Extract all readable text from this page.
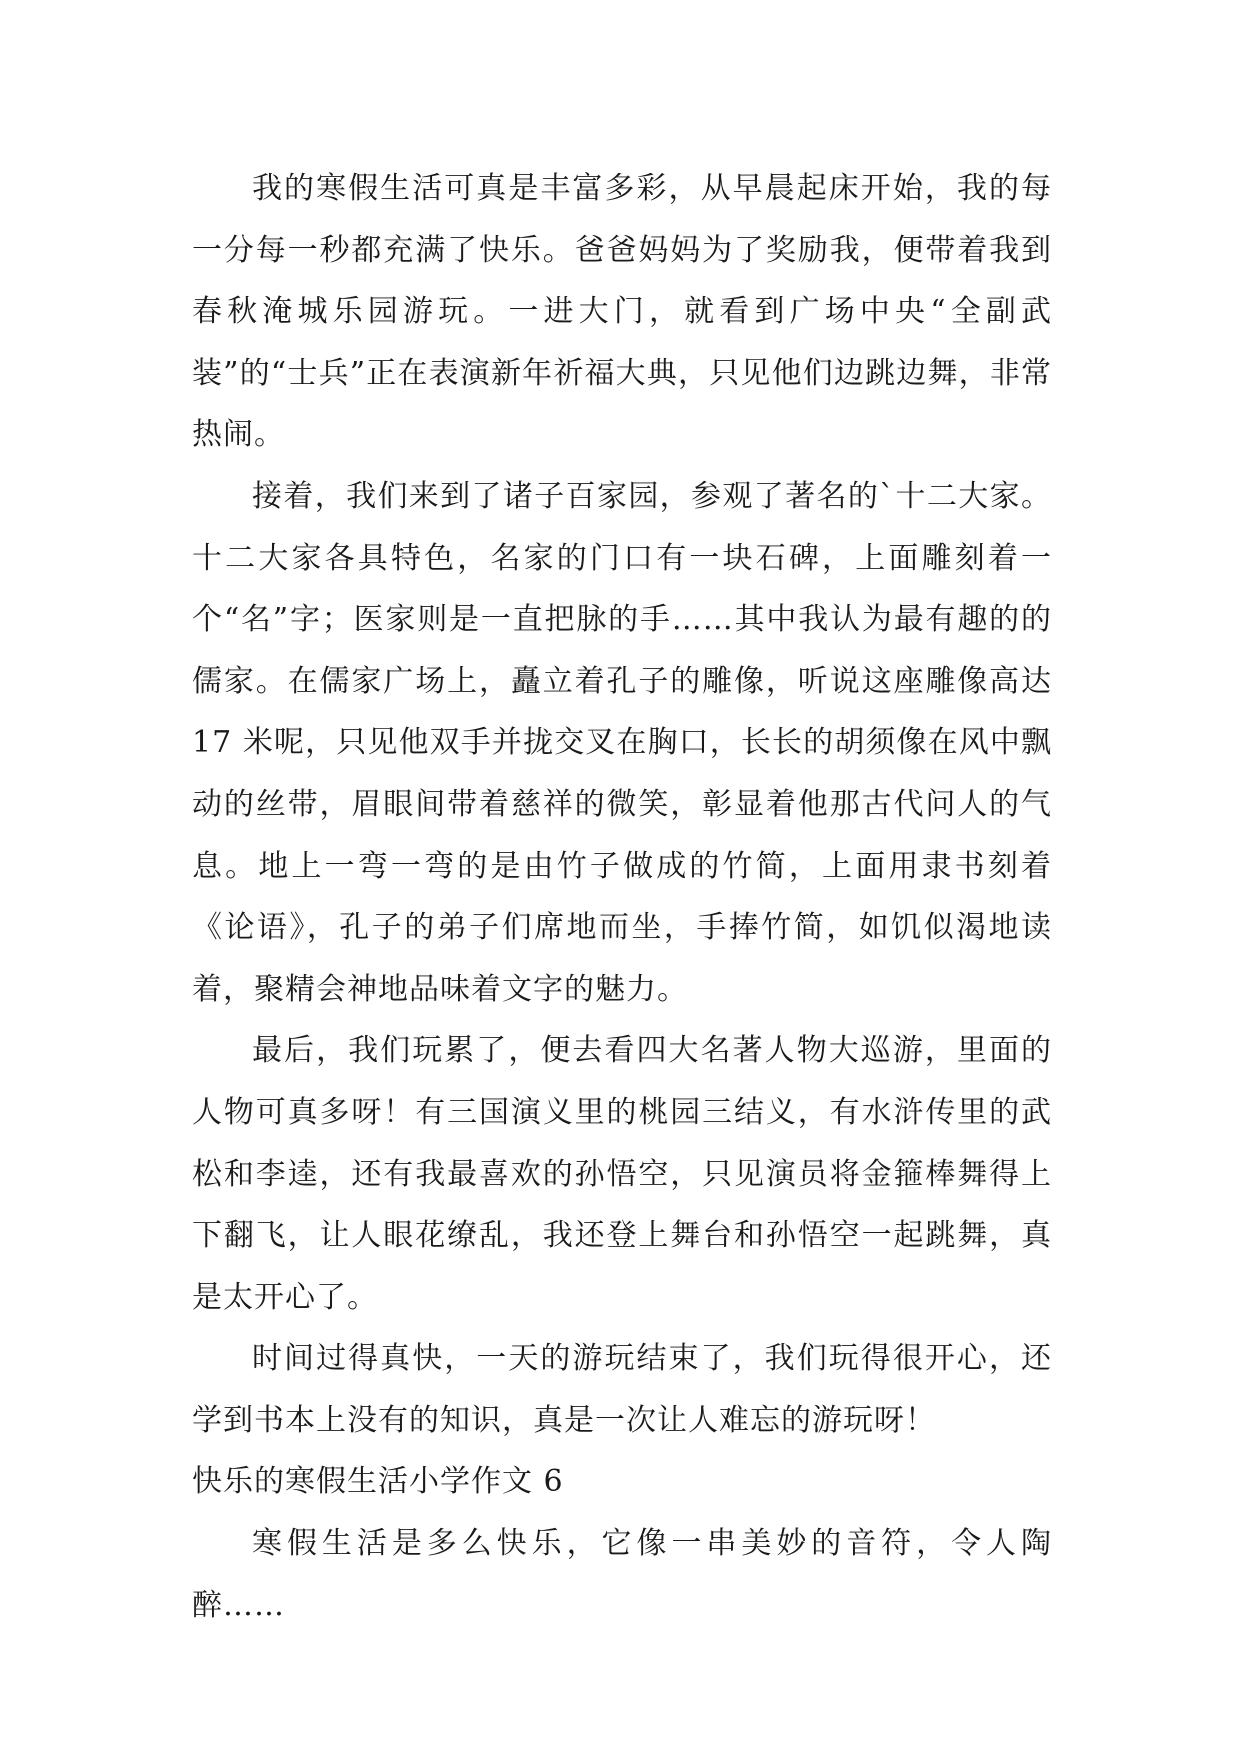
我的寒假生活可真是丰富多彩，从早晨起床开始，我的每一分每一秒都充满了快乐。爸爸妈妈为了奖励我，便带着我到春秋淹城乐园游玩。一进大门，就看到广场中央“全副武装”的“士兵”正在表演新年祈福大典，只见他们边跳边舞，非常热闹。

接着，我们来到了诸子百家园，参观了著名的`十二大家。十二大家各具特色，名家的门口有一块石碑，上面雕刻着一个“名”字；医家则是一直把脉的手……其中我认为最有趣的的儒家。在儒家广场上，矗立着孔子的雕像，听说这座雕像高达 17 米呢，只见他双手并拢交叉在胸口，长长的胡须像在风中飘动的丝带，眉眼间带着慈祥的微笑，彰显着他那古代问人的气息。地上一弯一弯的是由竹子做成的竹简，上面用隶书刻着《论语》，孔子的弟子们席地而坐，手捧竹简，如饥似渴地读着，聚精会神地品味着文字的魅力。

最后，我们玩累了，便去看四大名著人物大巡游，里面的人物可真多呀！有三国演义里的桃园三结义，有水浒传里的武松和李逵，还有我最喜欢的孙悟空，只见演员将金箍棒舞得上下翻飞，让人眼花缭乱，我还登上舞台和孙悟空一起跳舞，真是太开心了。

时间过得真快，一天的游玩结束了，我们玩得很开心，还学到书本上没有的知识，真是一次让人难忘的游玩呀！

快乐的寒假生活小学作文 6

寒假生活是多么快乐，它像一串美妙的音符，令人陶醉……
